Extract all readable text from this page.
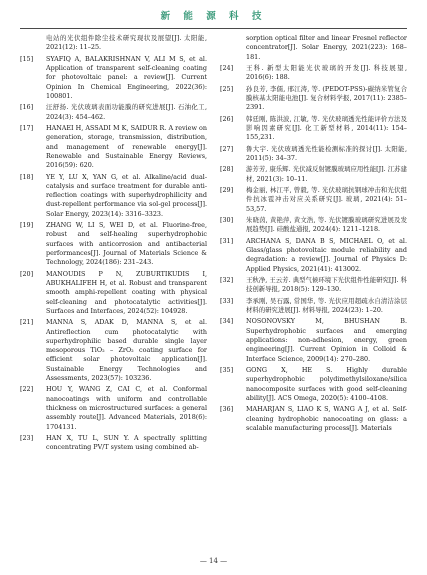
新 能 源 科 技
电站的光伏组件除尘技术研究现状及展望[J]. 太阳能, 2021(12): 11–25.
[15]	SYAFIQ A, BALAKRISHNAN V, ALI M S, et al. Application of transparent self-cleaning coating for photovoltaic panel: a review[J]. Current Opinion In Chemical Engineering, 2022(36): 100801.
[16]	汪舒扬. 光伏玻璃表面功能膜的研究进展[J]. 石油化工, 2024(3): 454–462.
[17]	HANAEI H, ASSADI M K, SAIDUR R. A review on generation, storage, transmission, distribution, and management of renewable energy[J]. Renewable and Sustainable Energy Reviews, 2016(59): 620.
[18]	YE Y, LU X, YAN G, et al. Alkaline/acid dual-catalysis and surface treatment for durable anti-reflection coatings with superhydrophilicity and dust-repellent performance via sol-gel process[J]. Solar Energy, 2023(14): 3316–3323.
[19]	ZHANG W, LI S, WEI D, et al. Fluorine-free, robust and self-healing superhydrophobic surfaces with anticorrosion and antibacterial performances[J]. Journal of Materials Science & Technology, 2024(186): 231–243.
[20]	MANOUDIS P N, ZUBURTIKUDIS I, ABUKHALIFEH H, et al. Robust and transparent smooth amphi-repellent coating with physical self-cleaning and photocatalytic activities[J]. Surfaces and Interfaces, 2024(52): 104928.
[21]	MANNA S, ADAK D, MANNA S, et al. Antireflection cum photocatalytic with superhydrophilic based durable single layer mesoporous TiO₂ – ZrO₂ coating surface for efficient solar photovoltaic application[J]. Sustainable Energy Technologies and Assessments, 2023(57): 103236.
[22]	HOU Y, WANG Z, CAI C, et al. Conformal nanocoatings with uniform and controllable thickness on microstructured surfaces: a general assembly route[J]. Advanced Materials, 2018(6): 1704131.
[23]	HAN X, TU L, SUN Y. A spectrally splitting concentrating PV/T system using combined ab-
sorption optical filter and linear Fresnel reflector concentrator[J]. Solar Energy, 2021(223): 168–181.
[24]	王科. 新型太阳能光伏玻璃的开发[J]. 科技展望, 2016(6): 188.
[25]	孙良芳, 李儒, 邢江涛, 等. (PEDOT-PSS)-碳纳米管复合膜核基太阳能电池[J]. 复合材料学报, 2017(11): 2385–2391.
[26]	韩廷刚, 陈洪波, 江敏, 等. 光伏玻璃透光性能评价方法及影响因素研究[J]. 化工新型材料, 2014(11): 154–155,231.
[27]	鲁大宇. 光伏玻璃透光性能检测标准的探讨[J]. 太阳能, 2011(5): 34–37.
[28]	游芳芳, 康乐辉. 光伏减反射镀膜玻璃应用性能[J]. 江苏建材, 2021(3): 10–11.
[29]	梅金丽, 林江平, 曾毅, 等. 光伏玻璃抗钢球冲击和光伏组件抗冰雹冲击对应关系研究[J]. 玻璃, 2021(4): 51–53,57.
[30]	朱晓茵, 黄艳萍, 黄文浩, 等. 光伏镀膜玻璃研究进展及发展趋势[J]. 硅酸盐通报, 2024(4): 1211–1218.
[31]	ARCHANA S, DANA B S, MICHAEL O, et al. Glass/glass photovoltaic module reliability and degradation: a review[J]. Journal of Physics D: Applied Physics, 2021(41): 413002.
[32]	王秋净, 王云芳. 典型气候环境下光伏组件性能研究[J]. 科技创新导报, 2018(5): 129–130.
[33]	李承刚, 吴石露, 常国华, 等. 光伏应用超疏水自清洁涂层材料的研究进展[J]. 材料导报, 2024(23): 1–20.
[34]	NOSONOVSKY M, BHUSHAN B. Superhydrophobic surfaces and emerging applications: non-adhesion, energy, green engineering[J]. Current Opinion in Colloid & Interface Science, 2009(14): 270–280.
[35]	GONG X, HE S. Highly durable superhydrophobic polydimethylsiloxane/silica nanocomposite surfaces with good self-cleaning ability[J]. ACS Omega, 2020(5): 4100–4108.
[36]	MAHARJAN S, LIAO K S, WANG A J, et al. Self-cleaning hydrophobic nanocoating on glass: a scalable manufacturing process[J]. Materials
— 14 —
